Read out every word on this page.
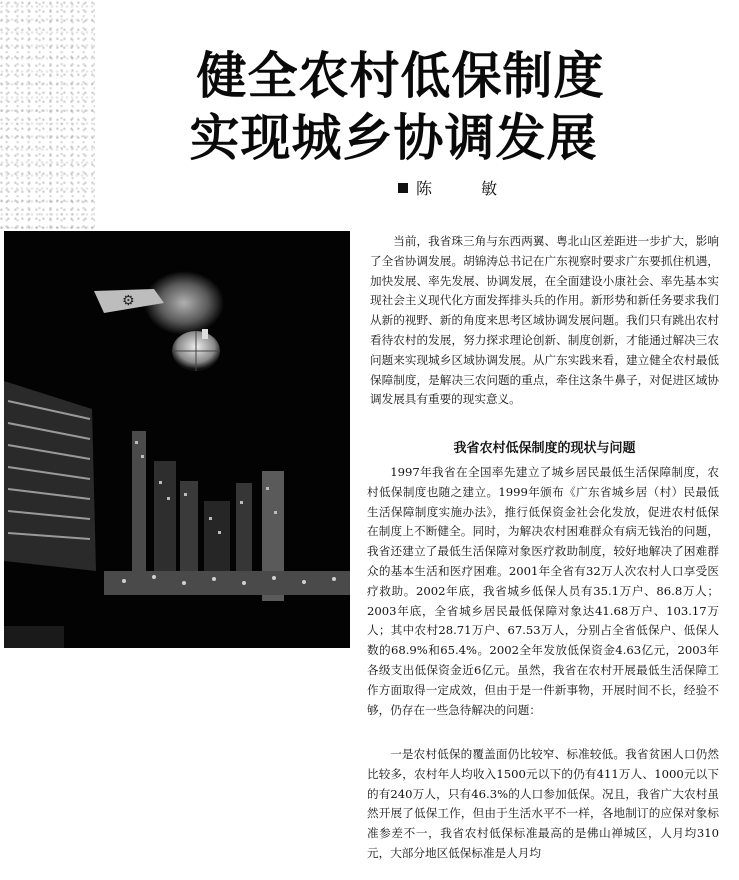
健全农村低保制度
实现城乡协调发展
陈 敏
⚙

当前，我省珠三角与东西两翼、粤北山区差距进一步扩大，影响了全省协调发展。胡锦涛总书记在广东视察时要求广东要抓住机遇，加快发展、率先发展、协调发展，在全面建设小康社会、率先基本实现社会主义现代化方面发挥排头兵的作用。新形势和新任务要求我们从新的视野、新的角度来思考区域协调发展问题。我们只有跳出农村看待农村的发展，努力探求理论创新、制度创新，才能通过解决三农问题来实现城乡区域协调发展。从广东实践来看，建立健全农村最低保障制度，是解决三农问题的重点，牵住这条牛鼻子，对促进区域协调发展具有重要的现实意义。

我省农村低保制度的现状与问题

1997年我省在全国率先建立了城乡居民最低生活保障制度，农村低保制度也随之建立。1999年颁布《广东省城乡居（村）民最低生活保障制度实施办法》，推行低保资金社会化发放，促进农村低保在制度上不断健全。同时，为解决农村困难群众有病无钱治的问题，我省还建立了最低生活保障对象医疗救助制度，较好地解决了困难群众的基本生活和医疗困难。2001年全省有32万人次农村人口享受医疗救助。2002年底，我省城乡低保人员有35.1万户、86.8万人；2003年底，全省城乡居民最低保障对象达41.68万户、103.17万人；其中农村28.71万户、67.53万人，分别占全省低保户、低保人数的68.9%和65.4%。2002全年发放低保资金4.63亿元，2003年各级支出低保资金近6亿元。虽然，我省在农村开展最低生活保障工作方面取得一定成效，但由于是一件新事物，开展时间不长，经验不够，仍存在一些急待解决的问题：

一是农村低保的覆盖面仍比较窄、标准较低。我省贫困人口仍然比较多，农村年人均收入1500元以下的仍有411万人、1000元以下的有240万人，只有46.3%的人口参加低保。况且，我省广大农村虽然开展了低保工作，但由于生活水平不一样，各地制订的应保对象标准参差不一，我省农村低保标准最高的是佛山禅城区，人月均310元，大部分地区低保标准是人月均
